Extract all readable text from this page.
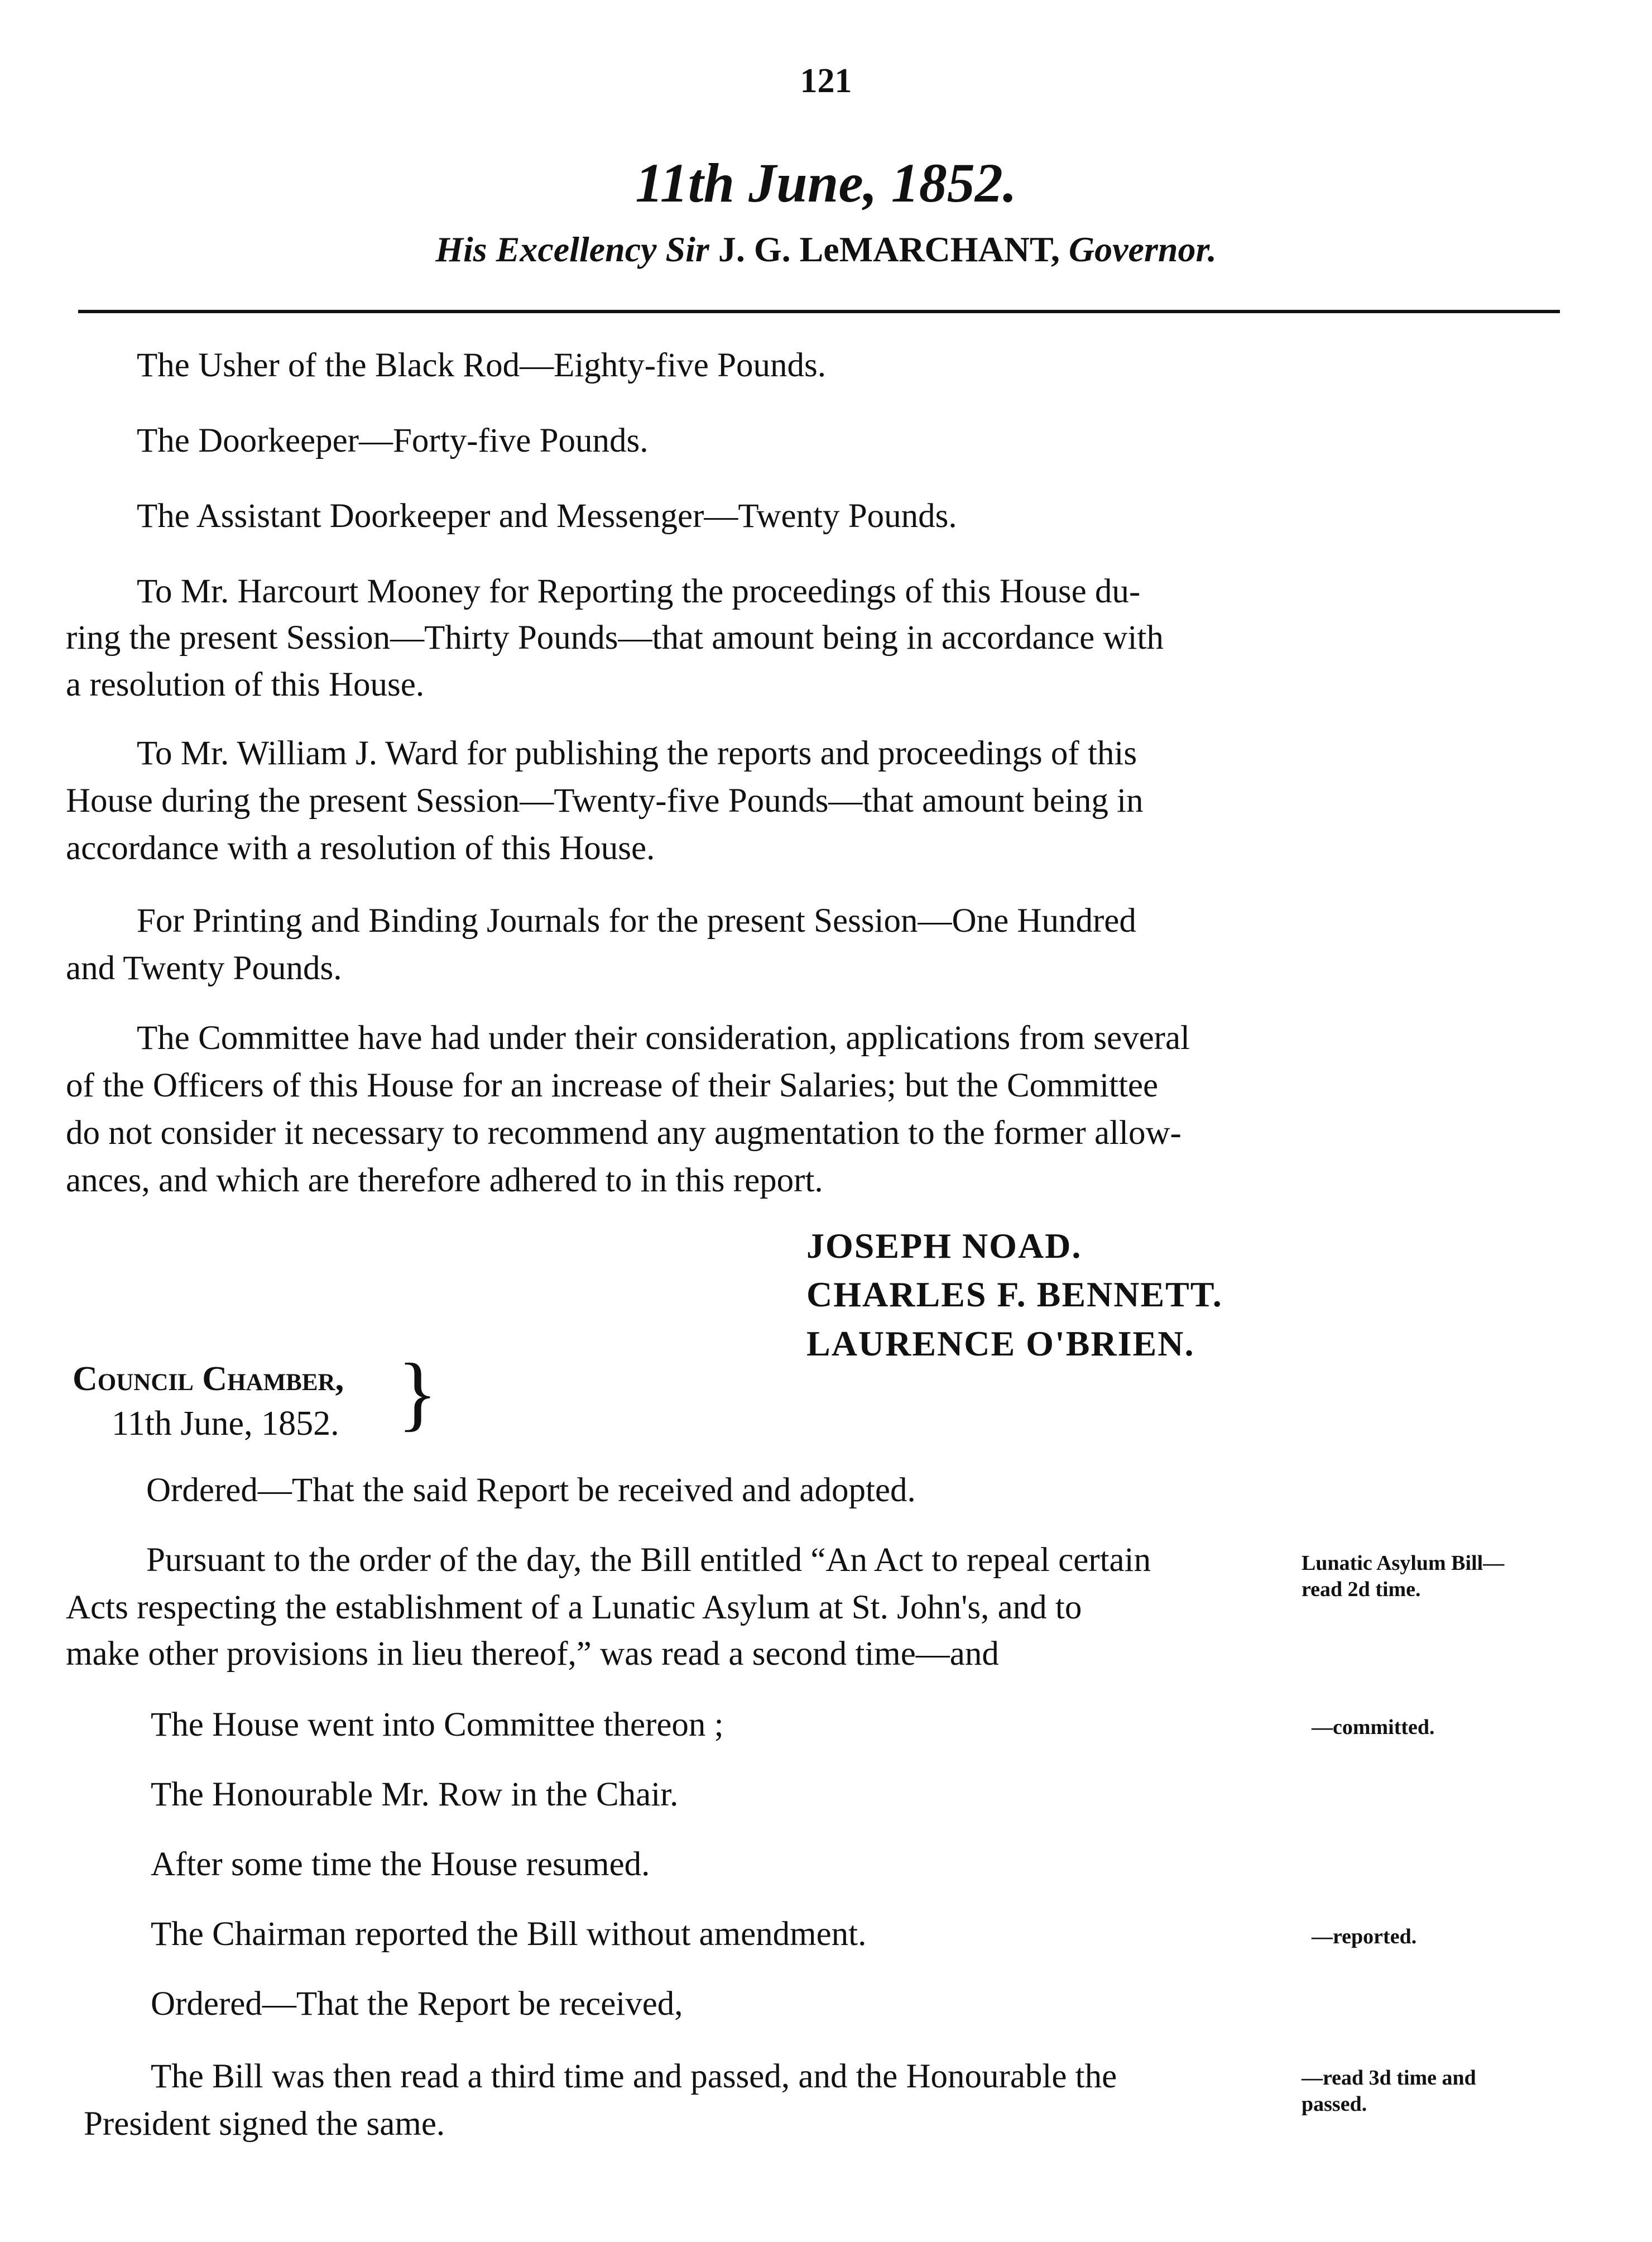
121
11th June, 1852.
His Excellency Sir J. G. LeMARCHANT, Governor.
The Usher of the Black Rod—Eighty-five Pounds.
The Doorkeeper—Forty-five Pounds.
The Assistant Doorkeeper and Messenger—Twenty Pounds.
To Mr. Harcourt Mooney for Reporting the proceedings of this House du-
ring the present Session—Thirty Pounds—that amount being in accordance with
a resolution of this House.
To Mr. William J. Ward for publishing the reports and proceedings of this
House during the present Session—Twenty-five Pounds—that amount being in
accordance with a resolution of this House.
For Printing and Binding Journals for the present Session—One Hundred
and Twenty Pounds.
The Committee have had under their consideration, applications from several
of the Officers of this House for an increase of their Salaries; but the Committee
do not consider it necessary to recommend any augmentation to the former allow-
ances, and which are therefore adhered to in this report.
JOSEPH NOAD.
CHARLES F. BENNETT.
LAURENCE O'BRIEN.
Council Chamber,
11th June, 1852. }
Ordered—That the said Report be received and adopted.
Pursuant to the order of the day, the Bill entitled “An Act to repeal certain
Acts respecting the establishment of a Lunatic Asylum at St. John's, and to
make other provisions in lieu thereof,” was read a second time—and
The House went into Committee thereon ;
The Honourable Mr. Row in the Chair.
After some time the House resumed.
The Chairman reported the Bill without amendment.
Ordered—That the Report be received,
The Bill was then read a third time and passed, and the Honourable the
President signed the same.
Lunatic Asylum Bill—
read 2d time.
—committed.
—reported.
—read 3d time and
passed.
